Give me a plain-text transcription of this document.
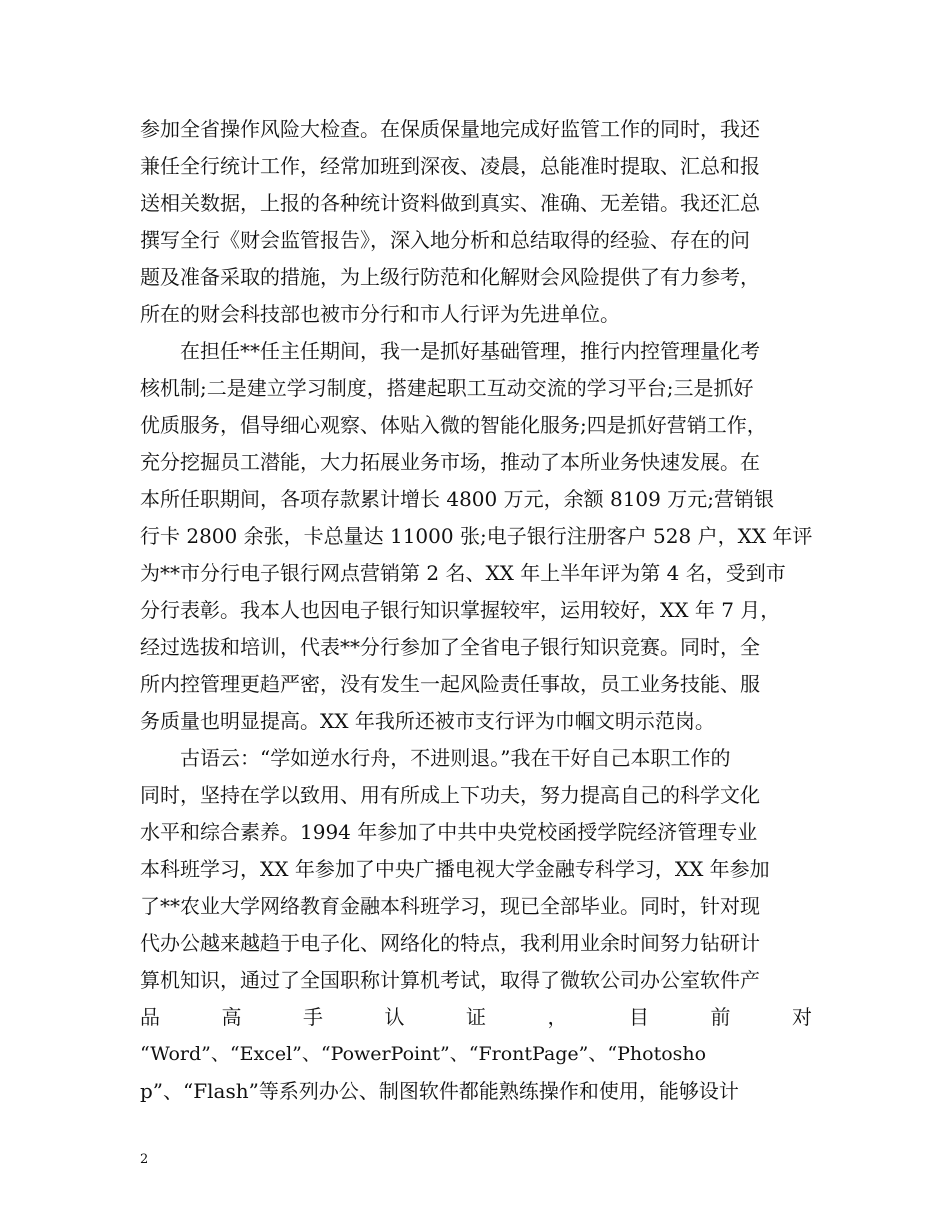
参加全省操作风险大检查。在保质保量地完成好监管工作的同时，我还
兼任全行统计工作，经常加班到深夜、凌晨，总能准时提取、汇总和报
送相关数据，上报的各种统计资料做到真实、准确、无差错。我还汇总
撰写全行《财会监管报告》，深入地分析和总结取得的经验、存在的问
题及准备采取的措施，为上级行防范和化解财会风险提供了有力参考，
所在的财会科技部也被市分行和市人行评为先进单位。
在担任**任主任期间，我一是抓好基础管理，推行内控管理量化考
核机制;二是建立学习制度，搭建起职工互动交流的学习平台;三是抓好
优质服务，倡导细心观察、体贴入微的智能化服务;四是抓好营销工作，
充分挖掘员工潜能，大力拓展业务市场，推动了本所业务快速发展。在
本所任职期间，各项存款累计增长 4800 万元，余额 8109 万元;营销银
行卡 2800 余张，卡总量达 11000 张;电子银行注册客户 528 户，XX 年评
为**市分行电子银行网点营销第 2 名、XX 年上半年评为第 4 名，受到市
分行表彰。我本人也因电子银行知识掌握较牢，运用较好，XX 年 7 月，
经过选拔和培训，代表**分行参加了全省电子银行知识竞赛。同时，全
所内控管理更趋严密，没有发生一起风险责任事故，员工业务技能、服
务质量也明显提高。XX 年我所还被市支行评为巾帼文明示范岗。
古语云：“学如逆水行舟，不进则退。”我在干好自己本职工作的
同时，坚持在学以致用、用有所成上下功夫，努力提高自己的科学文化
水平和综合素养。1994 年参加了中共中央党校函授学院经济管理专业
本科班学习，XX 年参加了中央广播电视大学金融专科学习，XX 年参加
了**农业大学网络教育金融本科班学习，现已全部毕业。同时，针对现
代办公越来越趋于电子化、网络化的特点，我利用业余时间努力钻研计
算机知识，通过了全国职称计算机考试，取得了微软公司办公室软件产
品	高	手	认	证	，	目	前	对
“Word”、“Excel”、“PowerPoint”、“FrontPage”、“Photosho
p”、“Flash”等系列办公、制图软件都能熟练操作和使用，能够设计
2
